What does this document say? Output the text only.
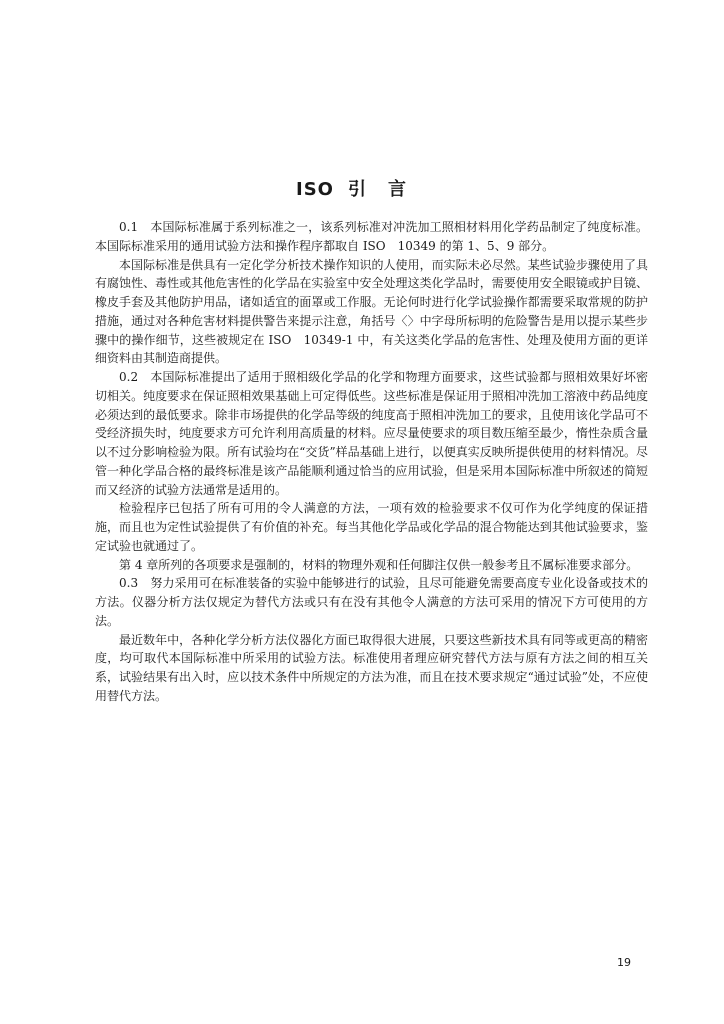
ISO 引言

0.1　本国际标准属于系列标准之一，该系列标准对冲洗加工照相材料用化学药品制定了纯度标准。本国际标准采用的通用试验方法和操作程序都取自 ISO　10349 的第 1、5、9 部分。

本国际标准是供具有一定化学分析技术操作知识的人使用，而实际未必尽然。某些试验步骤使用了具有腐蚀性、毒性或其他危害性的化学品在实验室中安全处理这类化学品时，需要使用安全眼镜或护目镜、橡皮手套及其他防护用品，诸如适宜的面罩或工作服。无论何时进行化学试验操作都需要采取常规的防护措施，通过对各种危害材料提供警告来提示注意，角括号〈〉中字母所标明的危险警告是用以提示某些步骤中的操作细节，这些被规定在 ISO　10349-1 中，有关这类化学品的危害性、处理及使用方面的更详细资料由其制造商提供。

0.2　本国际标准提出了适用于照相级化学品的化学和物理方面要求，这些试验都与照相效果好坏密切相关。纯度要求在保证照相效果基础上可定得低些。这些标准是保证用于照相冲洗加工溶液中药品纯度必须达到的最低要求。除非市场提供的化学品等级的纯度高于照相冲洗加工的要求，且使用该化学品可不受经济损失时，纯度要求方可允许利用高质量的材料。应尽量使要求的项目数压缩至最少，惰性杂质含量以不过分影响检验为限。所有试验均在“交货”样品基础上进行，以便真实反映所提供使用的材料情况。尽管一种化学品合格的最终标准是该产品能顺利通过恰当的应用试验，但是采用本国际标准中所叙述的简短而又经济的试验方法通常是适用的。

检验程序已包括了所有可用的令人满意的方法，一项有效的检验要求不仅可作为化学纯度的保证措施，而且也为定性试验提供了有价值的补充。每当其他化学品或化学品的混合物能达到其他试验要求，鉴定试验也就通过了。

第 4 章所列的各项要求是强制的，材料的物理外观和任何脚注仅供一般参考且不属标准要求部分。

0.3　努力采用可在标准装备的实验中能够进行的试验，且尽可能避免需要高度专业化设备或技术的方法。仪器分析方法仅规定为替代方法或只有在没有其他令人满意的方法可采用的情况下方可使用的方法。

最近数年中，各种化学分析方法仪器化方面已取得很大进展，只要这些新技术具有同等或更高的精密度，均可取代本国际标准中所采用的试验方法。标准使用者理应研究替代方法与原有方法之间的相互关系，试验结果有出入时，应以技术条件中所规定的方法为准，而且在技术要求规定“通过试验”处，不应使用替代方法。

19
